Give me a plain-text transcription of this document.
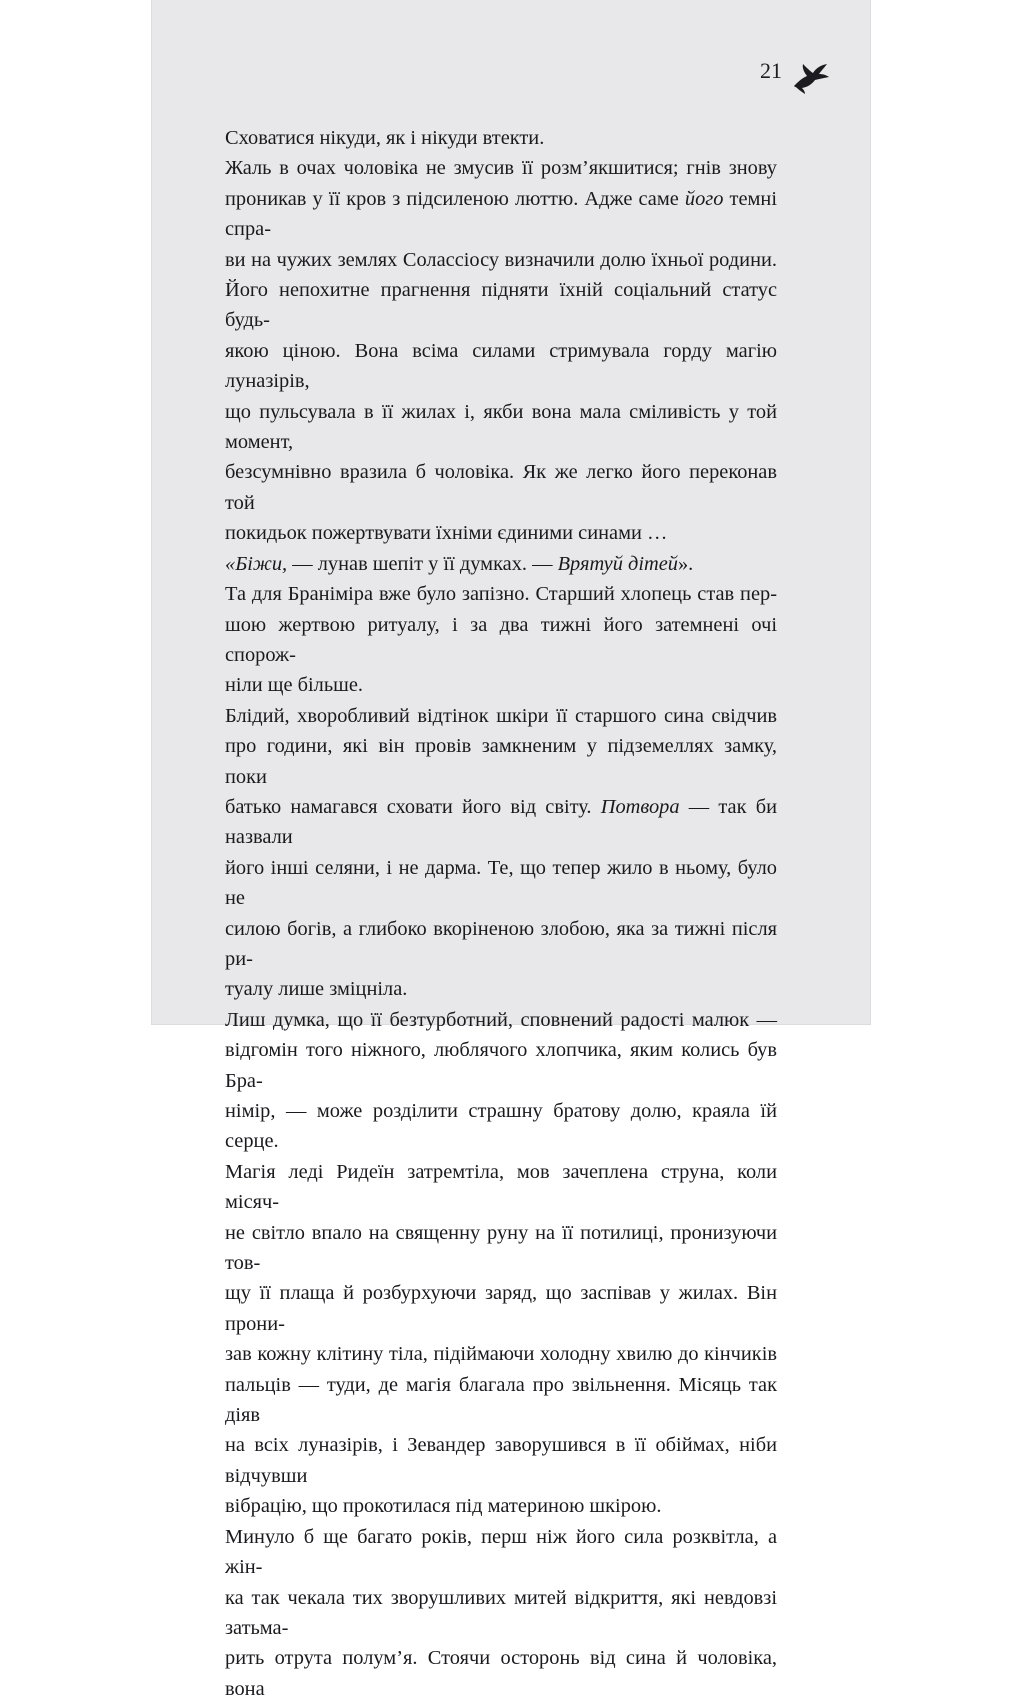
21

Сховатися нікуди, як і нікуди втекти.

Жаль в очах чоловіка не змусив її розм’якшитися; гнів знову
проникав у її кров з підсиленою люттю. Адже саме його темні спра-
ви на чужих землях Солассіосу визначили долю їхньої родини.
Його непохитне прагнення підняти їхній соціальний статус будь-
якою ціною. Вона всіма силами стримувала горду магію луназірів,
що пульсувала в її жилах і, якби вона мала сміливість у той момент,
безсумнівно вразила б чоловіка. Як же легко його переконав той
покидьок пожертвувати їхніми єдиними синами …

«Біжи, — лунав шепіт у її думках. — Врятуй дітей».

Та для Браніміра вже було запізно. Старший хлопець став пер-
шою жертвою ритуалу, і за два тижні його затемнені очі спорож-
ніли ще більше.

Блідий, хворобливий відтінок шкіри її старшого сина свідчив
про години, які він провів замкненим у підземеллях замку, поки
батько намагався сховати його від світу. Потвора — так би назвали
його інші селяни, і не дарма. Те, що тепер жило в ньому, було не
силою богів, а глибоко вкоріненою злобою, яка за тижні після ри-
туалу лише зміцніла.

Лиш думка, що її безтурботний, сповнений радості малюк —
відгомін того ніжного, люблячого хлопчика, яким колись був Бра-
німір, — може розділити страшну братову долю, краяла їй серце.

Магія леді Ридеїн затремтіла, мов зачеплена струна, коли місяч-
не світло впало на священну руну на її потилиці, пронизуючи тов-
щу її плаща й розбурхуючи заряд, що заспівав у жилах. Він прони-
зав кожну клітину тіла, підіймаючи холодну хвилю до кінчиків
пальців — туди, де магія благала про звільнення. Місяць так діяв
на всіх луназірів, і Зевандер заворушився в її обіймах, ніби відчувши
вібрацію, що прокотилася під материною шкірою.

Минуло б ще багато років, перш ніж його сила розквітла, а жін-
ка так чекала тих зворушливих митей відкриття, які невдовзі затьма-
рить отрута полум’я. Стоячи осторонь від сина й чоловіка, вона
